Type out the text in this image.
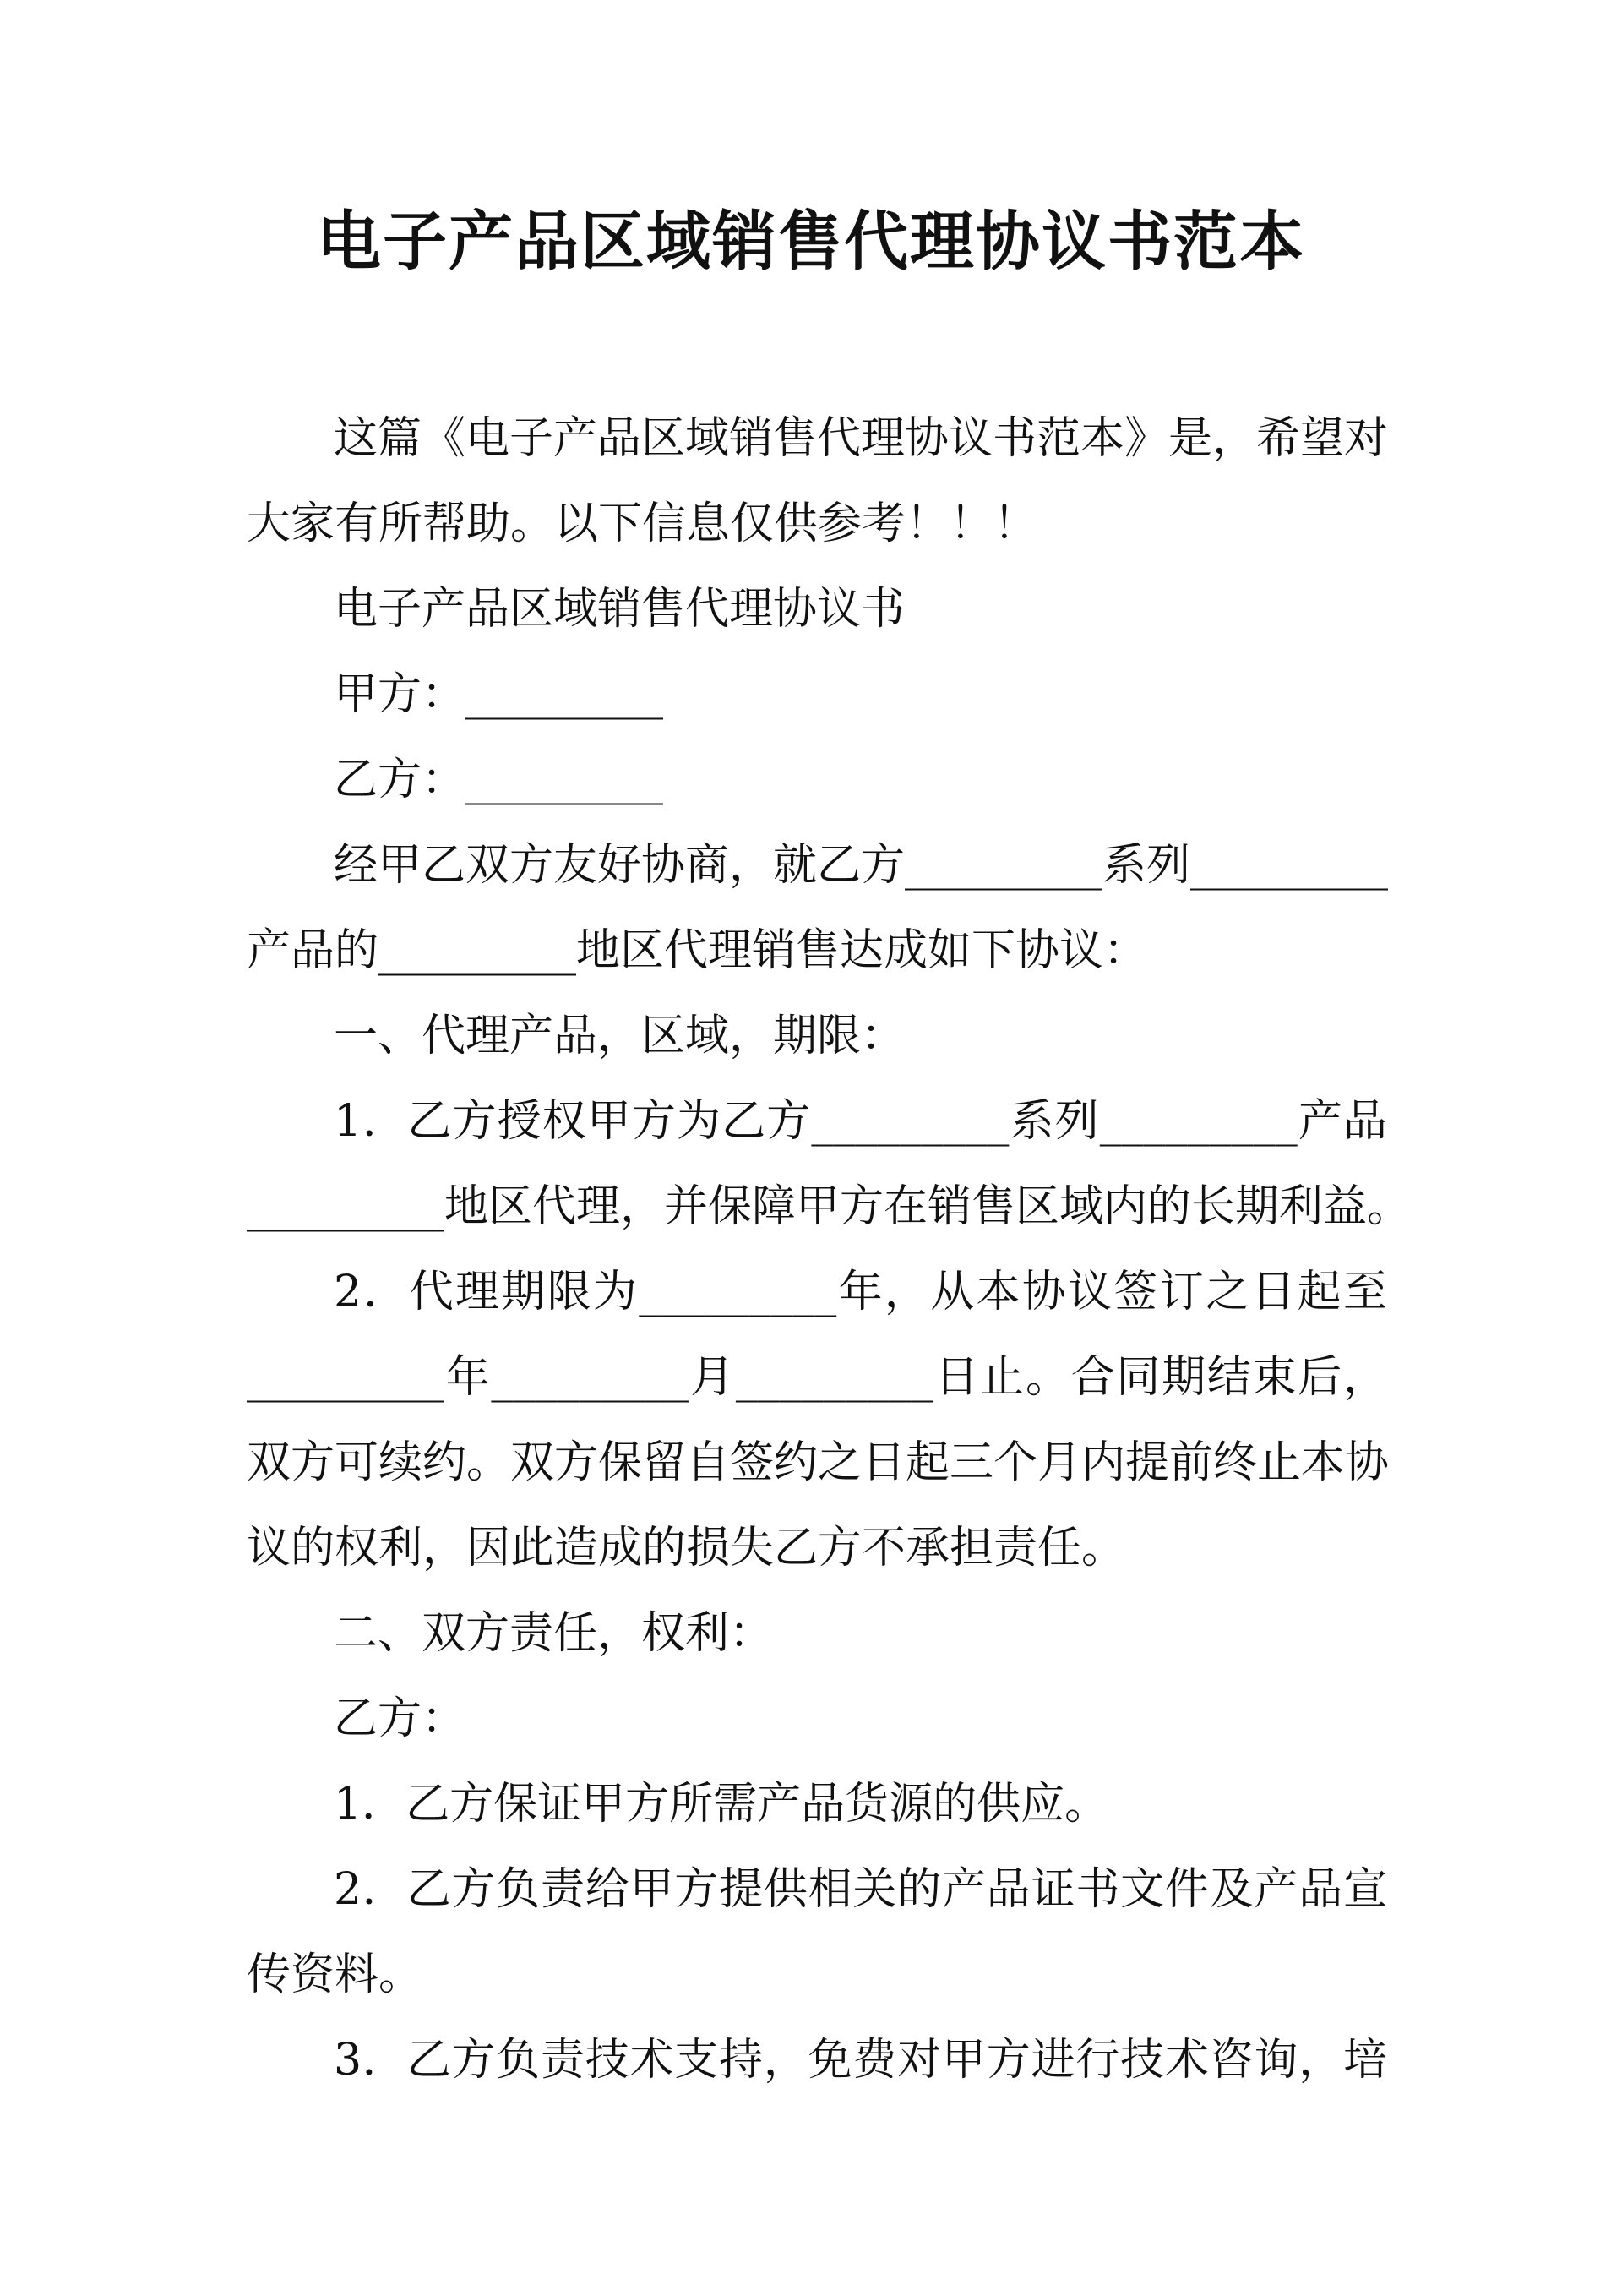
电子产品区域销售代理协议书范本
这篇《电子产品区域销售代理协议书范本》是，希望对
大家有所帮助。以下信息仅供参考！！！
电子产品区域销售代理协议书
甲方：_________
乙方：_________
经甲乙双方友好协商，就乙方_________系列_________
产品的_________地区代理销售达成如下协议：
一、代理产品，区域，期限：
1．乙方授权甲方为乙方_________系列_________产品
_________地区代理，并保障甲方在销售区域内的长期利益。
2．代理期限为_________年，从本协议签订之日起至
_________年_________月_________日止。合同期结束后，
双方可续约。双方保留自签约之日起三个月内提前终止本协
议的权利，因此造成的损失乙方不承担责任。
二、双方责任，权利：
乙方：
1．乙方保证甲方所需产品货源的供应。
2．乙方负责给甲方提供相关的产品证书文件及产品宣
传资料。
3．乙方负责技术支持，免费对甲方进行技术咨询，培
